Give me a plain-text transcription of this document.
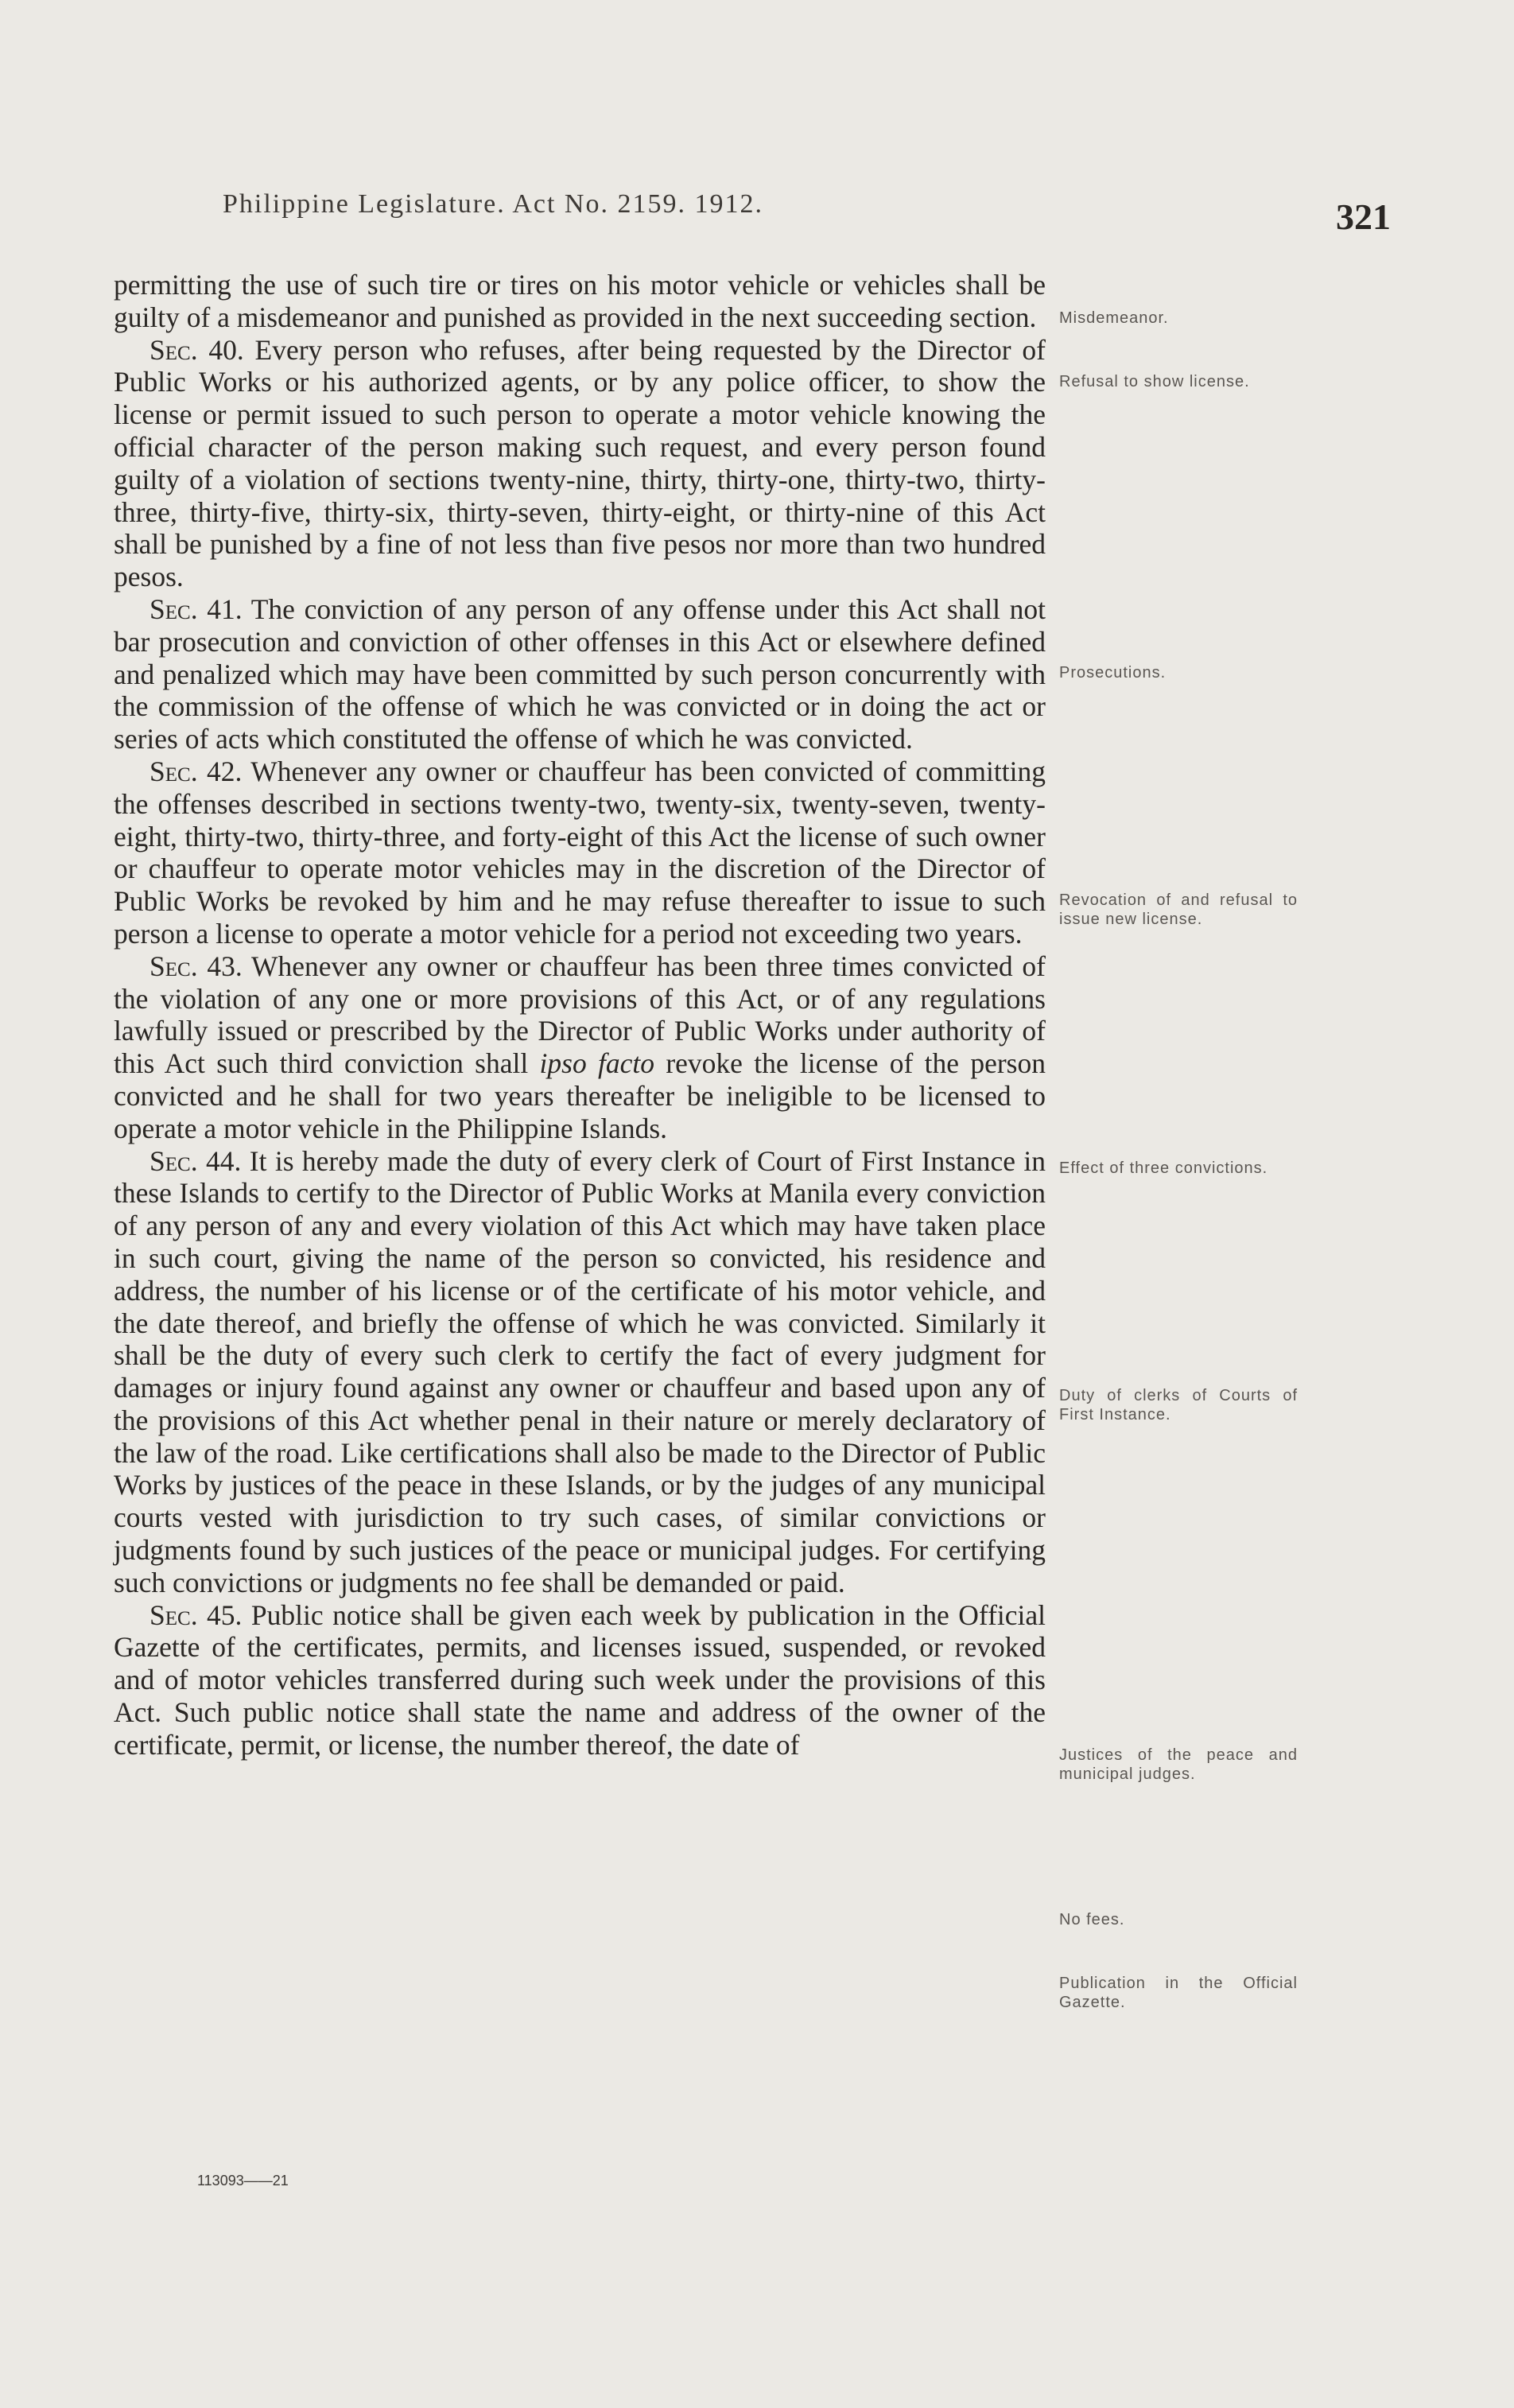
Philippine Legislature. Act No. 2159. 1912.	321

permitting the use of such tire or tires on his motor vehicle or vehicles shall be guilty of a misdemeanor and punished as provided in the next succeeding section.

Sec. 40. Every person who refuses, after being requested by the Director of Public Works or his authorized agents, or by any police officer, to show the license or permit issued to such person to operate a motor vehicle knowing the official character of the person making such request, and every person found guilty of a violation of sections twenty-nine, thirty, thirty-one, thirty-two, thirty-three, thirty-five, thirty-six, thirty-seven, thirty-eight, or thirty-nine of this Act shall be punished by a fine of not less than five pesos nor more than two hundred pesos.

Sec. 41. The conviction of any person of any offense under this Act shall not bar prosecution and conviction of other offenses in this Act or elsewhere defined and penalized which may have been committed by such person concurrently with the commission of the offense of which he was convicted or in doing the act or series of acts which constituted the offense of which he was convicted.

Sec. 42. Whenever any owner or chauffeur has been convicted of committing the offenses described in sections twenty-two, twenty-six, twenty-seven, twenty-eight, thirty-two, thirty-three, and forty-eight of this Act the license of such owner or chauffeur to operate motor vehicles may in the discretion of the Director of Public Works be revoked by him and he may refuse thereafter to issue to such person a license to operate a motor vehicle for a period not exceeding two years.

Sec. 43. Whenever any owner or chauffeur has been three times convicted of the violation of any one or more provisions of this Act, or of any regulations lawfully issued or prescribed by the Director of Public Works under authority of this Act such third conviction shall ipso facto revoke the license of the person convicted and he shall for two years thereafter be ineligible to be licensed to operate a motor vehicle in the Philippine Islands.

Sec. 44. It is hereby made the duty of every clerk of Court of First Instance in these Islands to certify to the Director of Public Works at Manila every conviction of any person of any and every violation of this Act which may have taken place in such court, giving the name of the person so convicted, his residence and address, the number of his license or of the certificate of his motor vehicle, and the date thereof, and briefly the offense of which he was convicted. Similarly it shall be the duty of every such clerk to certify the fact of every judgment for damages or injury found against any owner or chauffeur and based upon any of the provisions of this Act whether penal in their nature or merely declaratory of the law of the road. Like certifications shall also be made to the Director of Public Works by justices of the peace in these Islands, or by the judges of any municipal courts vested with jurisdiction to try such cases, of similar convictions or judgments found by such justices of the peace or municipal judges. For certifying such convictions or judgments no fee shall be demanded or paid.

Sec. 45. Public notice shall be given each week by publication in the Official Gazette of the certificates, permits, and licenses issued, suspended, or revoked and of motor vehicles transferred during such week under the provisions of this Act. Such public notice shall state the name and address of the owner of the certificate, permit, or license, the number thereof, the date of

Misdemeanor.
Refusal to show license.
Prosecutions.
Revocation of and refusal to issue new license.
Effect of three convictions.
Duty of clerks of Courts of First Instance.
Justices of the peace and municipal judges.
No fees.
Publication in the Official Gazette.
113093——21
